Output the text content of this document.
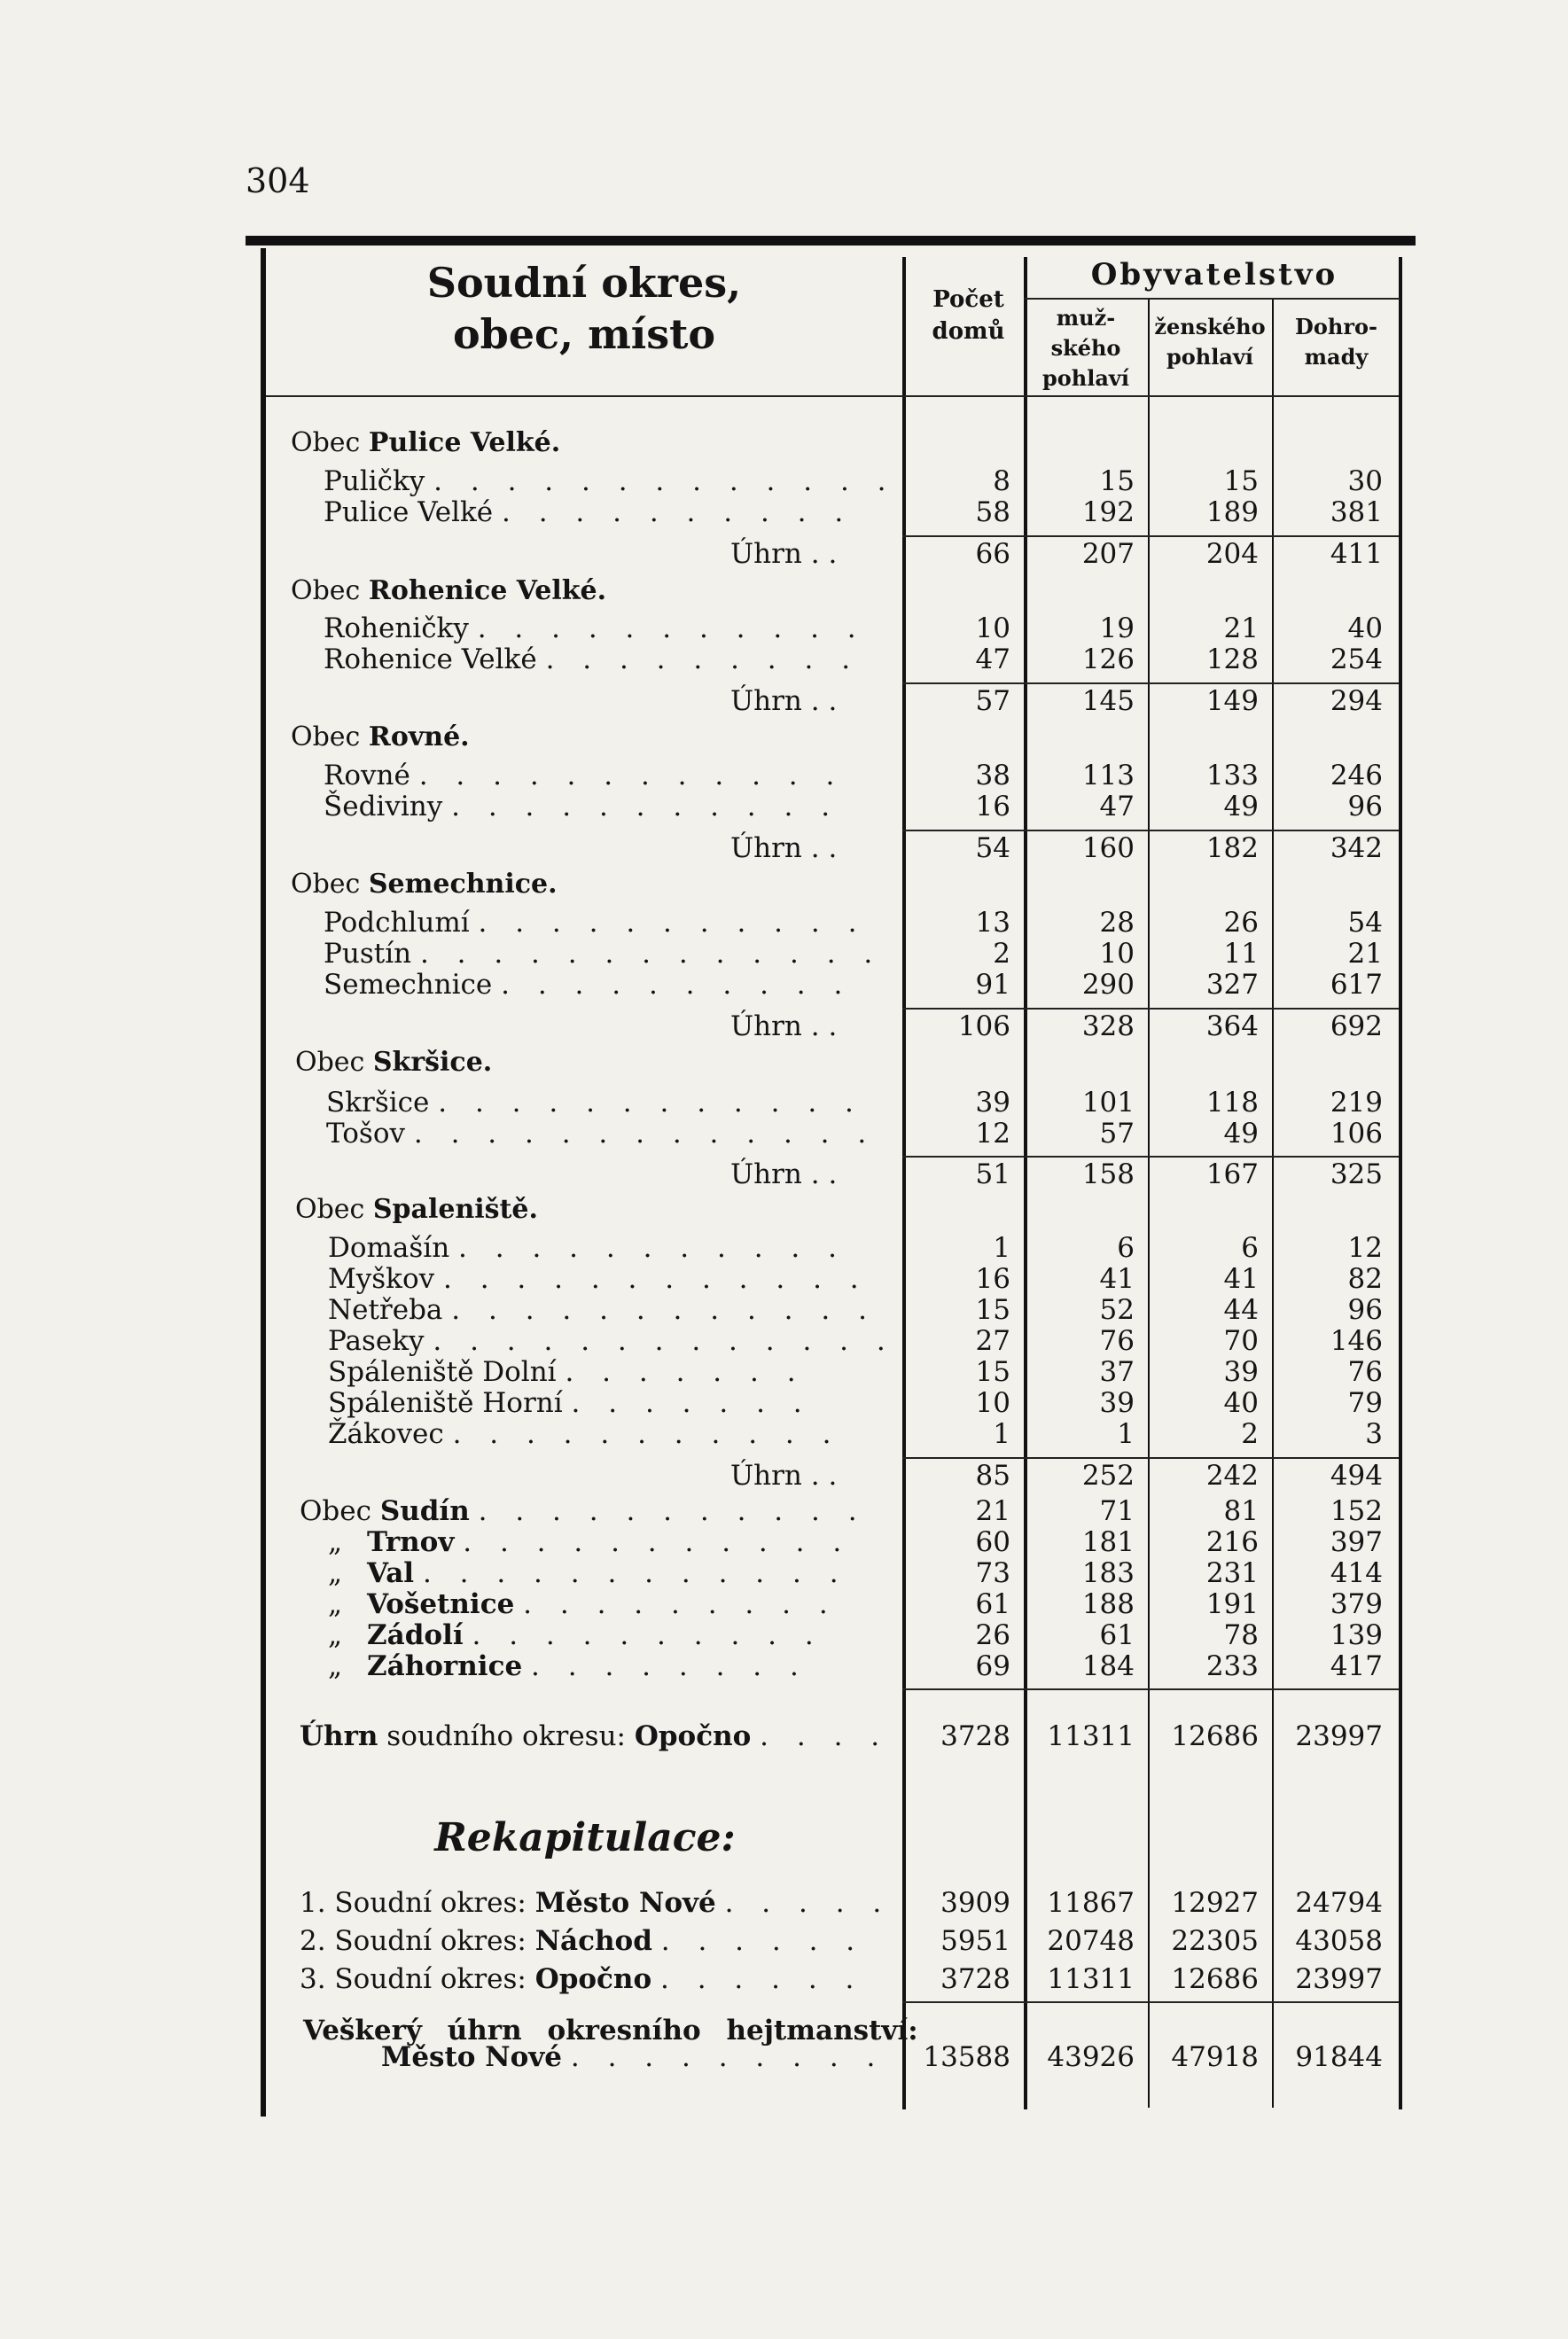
304
Soudní okres,
obec, místo
Počet
domů
Obyvatelstvo
muž-
ského
pohlaví
ženského
pohlaví
Dohro-
mady
Obec Pulice Velké.
Puličky . . . . . . . . . . . . .	8	15	15	30
Pulice Velké . . . . . . . . . .	58	192	189	381
Úhrn . .	66	207	204	411
Obec Rohenice Velké.
Roheničky . . . . . . . . . . .	10	19	21	40
Rohenice Velké . . . . . . . . .	47	126	128	254
Úhrn . .	57	145	149	294
Obec Rovné.
Rovné . . . . . . . . . . . .	38	113	133	246
Šediviny . . . . . . . . . . .	16	47	49	96
Úhrn . .	54	160	182	342
Obec Semechnice.
Podchlumí . . . . . . . . . . .	13	28	26	54
Pustín . . . . . . . . . . . . .	2	10	11	21
Semechnice . . . . . . . . . .	91	290	327	617
Úhrn . .	106	328	364	692
Obec Skršice.
Skršice . . . . . . . . . . . .	39	101	118	219
Tošov . . . . . . . . . . . . .	12	57	49	106
Úhrn . .	51	158	167	325
Obec Spaleniště.
Domašín . . . . . . . . . . .	1	6	6	12
Myškov . . . . . . . . . . . .	16	41	41	82
Netřeba . . . . . . . . . . . .	15	52	44	96
Paseky . . . . . . . . . . . . .	27	76	70	146
Spáleniště Dolní . . . . . . .	15	37	39	76
Spáleniště Horní . . . . . . .	10	39	40	79
Žákovec . . . . . . . . . . .	1	1	2	3
Úhrn . .	85	252	242	494
Obec Sudín . . . . . . . . . . .	21	71	81	152
„ Trnov . . . . . . . . . . .	60	181	216	397
„ Val . . . . . . . . . . . .	73	183	231	414
„ Vošetnice . . . . . . . . .	61	188	191	379
„ Zádolí . . . . . . . . . .	26	61	78	139
„ Záhornice . . . . . . . .	69	184	233	417
Úhrn soudního okresu: Opočno . . . .	3728	11311	12686	23997
Rekapitulace:
1. Soudní okres: Město Nové . . . . .	3909	11867	12927	24794
2. Soudní okres: Náchod . . . . . .	5951	20748	22305	43058
3. Soudní okres: Opočno . . . . . .	3728	11311	12686	23997
Veškerý úhrn okresního hejtmanství:
Město Nové . . . . . . . . .	13588	43926	47918	91844
